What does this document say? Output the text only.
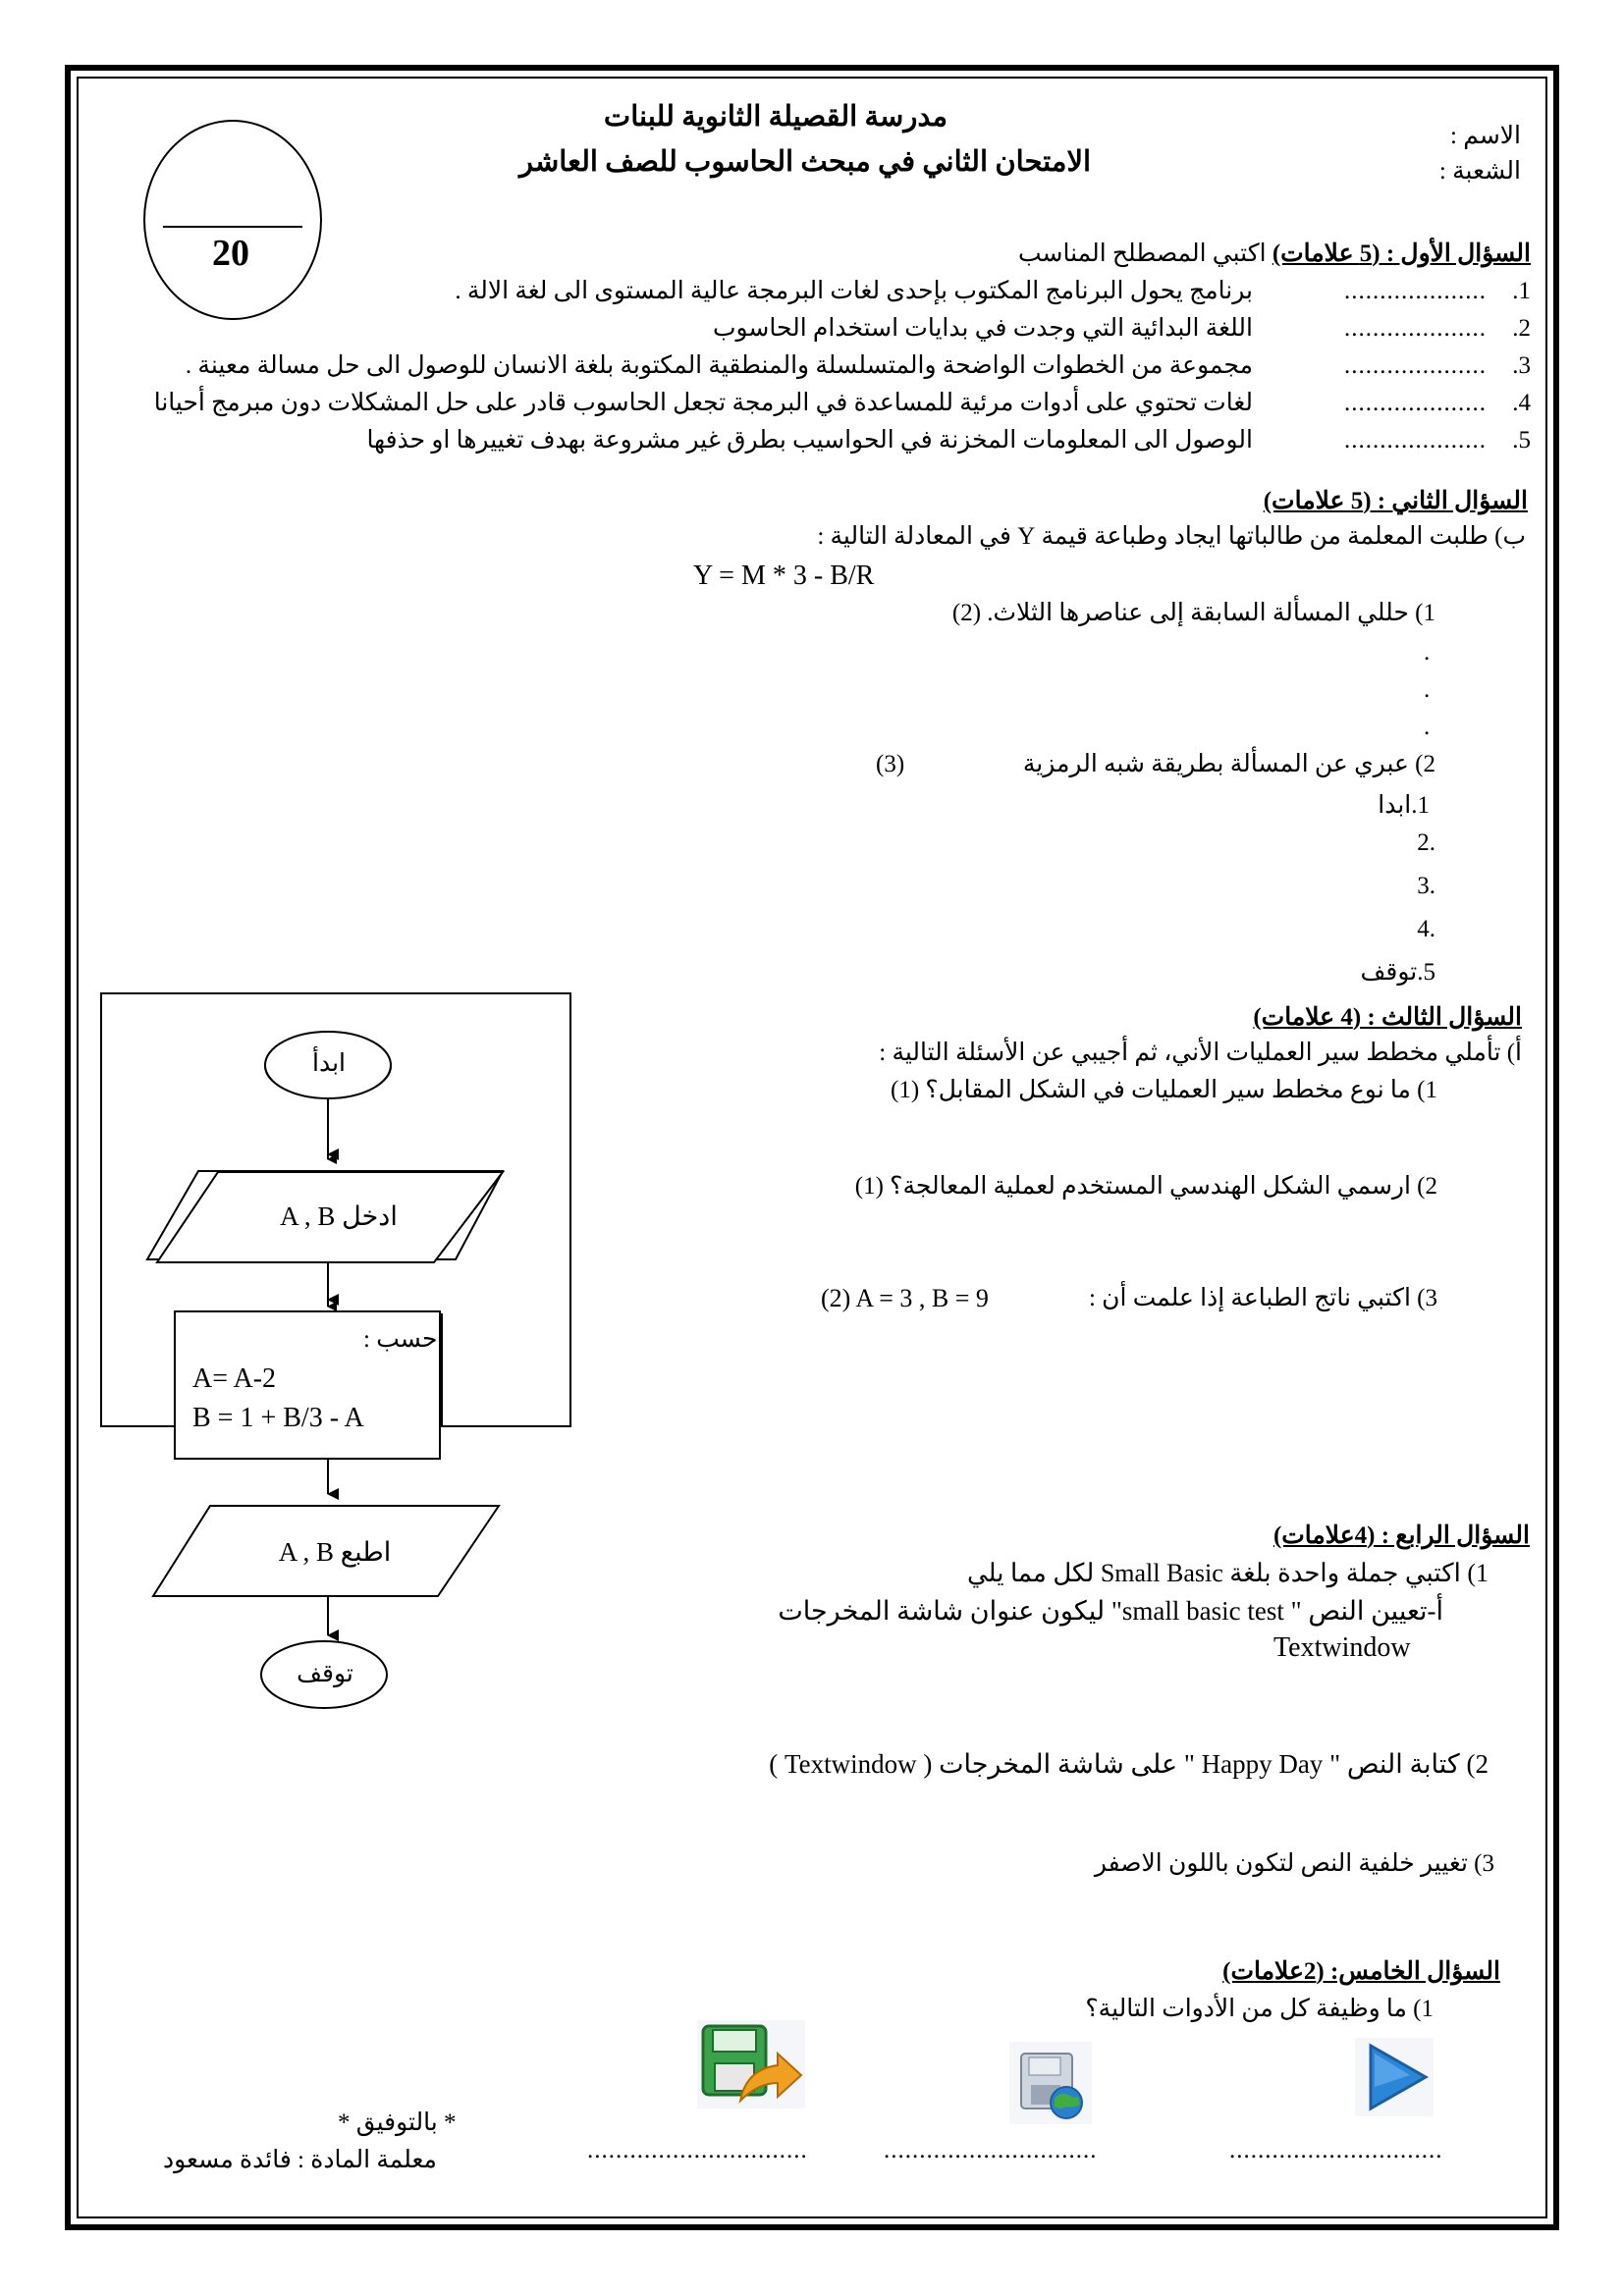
مدرسة القصيلة الثانوية للبنات
الامتحان الثاني في مبحث الحاسوب للصف العاشر
الاسم :
الشعبة :
20	السؤال الأول : (5 علامات) اكتبي المصطلح المناسب
1.
....................
برنامج يحول البرنامج المكتوب بإحدى لغات البرمجة عالية المستوى الى لغة الالة .
2.
....................
اللغة البدائية التي وجدت في بدايات استخدام الحاسوب
3.
....................
مجموعة من الخطوات الواضحة والمتسلسلة والمنطقية المكتوبة بلغة الانسان للوصول الى حل مسالة معينة .
4.
....................
لغات تحتوي على أدوات مرئية للمساعدة في البرمجة تجعل الحاسوب قادر على حل المشكلات دون مبرمج أحيانا
5.
....................
الوصول الى المعلومات المخزنة في الحواسيب بطرق غير مشروعة بهدف تغييرها او حذفها
السؤال الثاني : (5 علامات)
ب) طلبت المعلمة من طالباتها ايجاد وطباعة قيمة Y في المعادلة التالية :
Y = M * 3 - B/R
1) حللي المسألة السابقة إلى عناصرها الثلاث. (2)
.
.
.
2) عبري عن المسألة بطريقة شبه الرمزية
(3)
1.ابدا
.2
.3
.4
5.توقف
السؤال الثالث : (4 علامات)
أ) تأملي مخطط سير العمليات الأني، ثم أجيبي عن الأسئلة التالية :
1) ما نوع مخطط سير العمليات في الشكل المقابل؟ (1)
2) ارسمي الشكل الهندسي المستخدم لعملية المعالجة؟ (1)
3) اكتبي ناتج الطباعة إذا علمت أن :
(2) A = 3 , B = 9
ابدأ
ادخل A , B
احسب :
A= A-2
B = 1 + B/3 - A
اطبع A , B
توقف
السؤال الرابع : (4علامات)
1) اكتبي جملة واحدة بلغة Small Basic لكل مما يلي
أ-تعيين النص " small basic test" ليكون عنوان شاشة المخرجات
Textwindow
2) كتابة النص " Happy Day " على شاشة المخرجات ( Textwindow )
3) تغيير خلفية النص لتكون باللون الاصفر
السؤال الخامس: (2علامات)
1) ما وظيفة كل من الأدوات التالية؟
..............................
..............................
...............................
* بالتوفيق *
معلمة المادة : فائدة مسعود
